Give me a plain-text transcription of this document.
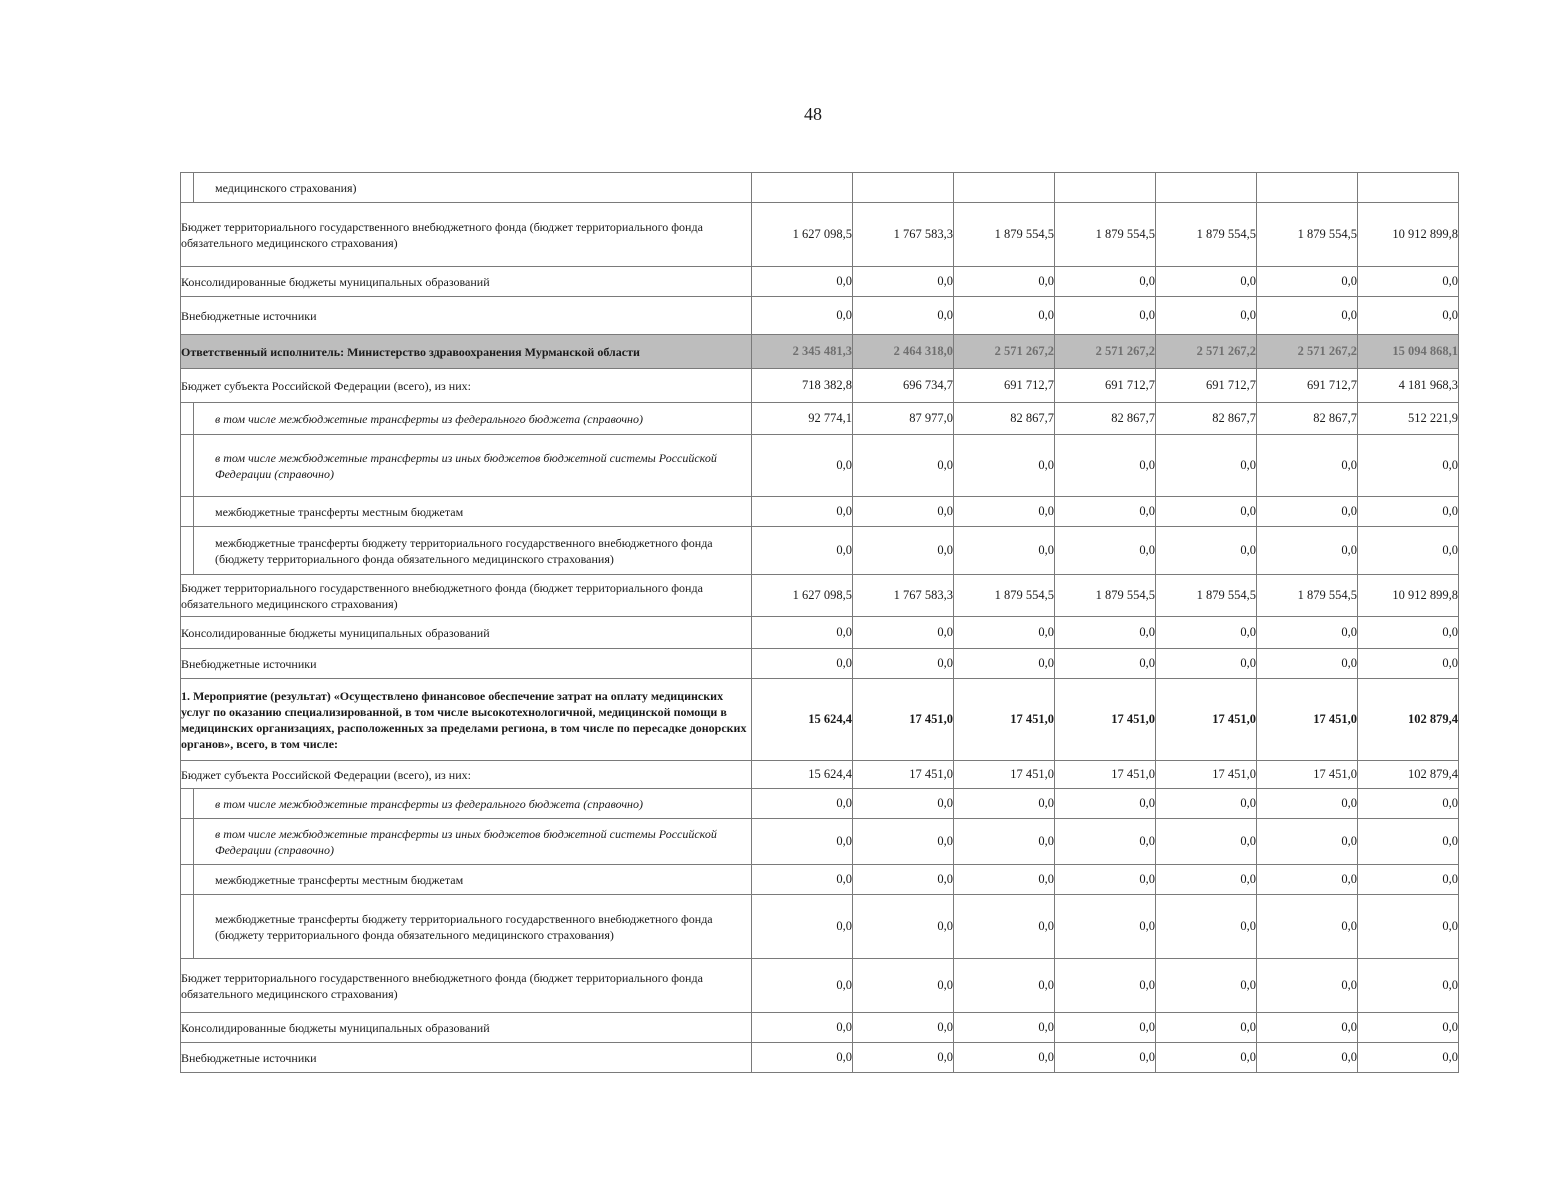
48
медицинского страхования)							
Бюджет территориального государственного внебюджетного фонда (бюджет территориального фонда обязательного медицинского страхования)	1 627 098,5	1 767 583,3	1 879 554,5	1 879 554,5	1 879 554,5	1 879 554,5	10 912 899,8
Консолидированные бюджеты муниципальных образований	0,0	0,0	0,0	0,0	0,0	0,0	0,0
Внебюджетные источники	0,0	0,0	0,0	0,0	0,0	0,0	0,0
Ответственный исполнитель: Министерство здравоохранения Мурманской области	2 345 481,3	2 464 318,0	2 571 267,2	2 571 267,2	2 571 267,2	2 571 267,2	15 094 868,1
Бюджет субъекта Российской Федерации (всего), из них:	718 382,8	696 734,7	691 712,7	691 712,7	691 712,7	691 712,7	4 181 968,3
в том числе межбюджетные трансферты из федерального бюджета (справочно)	92 774,1	87 977,0	82 867,7	82 867,7	82 867,7	82 867,7	512 221,9
в том числе межбюджетные трансферты из иных бюджетов бюджетной системы Российской Федерации (справочно)	0,0	0,0	0,0	0,0	0,0	0,0	0,0
межбюджетные трансферты местным бюджетам	0,0	0,0	0,0	0,0	0,0	0,0	0,0
межбюджетные трансферты бюджету территориального государственного внебюджетного фонда (бюджету территориального фонда обязательного медицинского страхования)	0,0	0,0	0,0	0,0	0,0	0,0	0,0
Бюджет территориального государственного внебюджетного фонда (бюджет территориального фонда обязательного медицинского страхования)	1 627 098,5	1 767 583,3	1 879 554,5	1 879 554,5	1 879 554,5	1 879 554,5	10 912 899,8
Консолидированные бюджеты муниципальных образований	0,0	0,0	0,0	0,0	0,0	0,0	0,0
Внебюджетные источники	0,0	0,0	0,0	0,0	0,0	0,0	0,0
1. Мероприятие (результат) «Осуществлено финансовое обеспечение затрат на оплату медицинских услуг по оказанию специализированной, в том числе высокотехнологичной, медицинской помощи в медицинских организациях, расположенных за пределами региона, в том числе по пересадке донорских органов», всего, в том числе:	15 624,4	17 451,0	17 451,0	17 451,0	17 451,0	17 451,0	102 879,4
Бюджет субъекта Российской Федерации (всего), из них:	15 624,4	17 451,0	17 451,0	17 451,0	17 451,0	17 451,0	102 879,4
в том числе межбюджетные трансферты из федерального бюджета (справочно)	0,0	0,0	0,0	0,0	0,0	0,0	0,0
в том числе межбюджетные трансферты из иных бюджетов бюджетной системы Российской Федерации (справочно)	0,0	0,0	0,0	0,0	0,0	0,0	0,0
межбюджетные трансферты местным бюджетам	0,0	0,0	0,0	0,0	0,0	0,0	0,0
межбюджетные трансферты бюджету территориального государственного внебюджетного фонда (бюджету территориального фонда обязательного медицинского страхования)	0,0	0,0	0,0	0,0	0,0	0,0	0,0
Бюджет территориального государственного внебюджетного фонда (бюджет территориального фонда обязательного медицинского страхования)	0,0	0,0	0,0	0,0	0,0	0,0	0,0
Консолидированные бюджеты муниципальных образований	0,0	0,0	0,0	0,0	0,0	0,0	0,0
Внебюджетные источники	0,0	0,0	0,0	0,0	0,0	0,0	0,0
